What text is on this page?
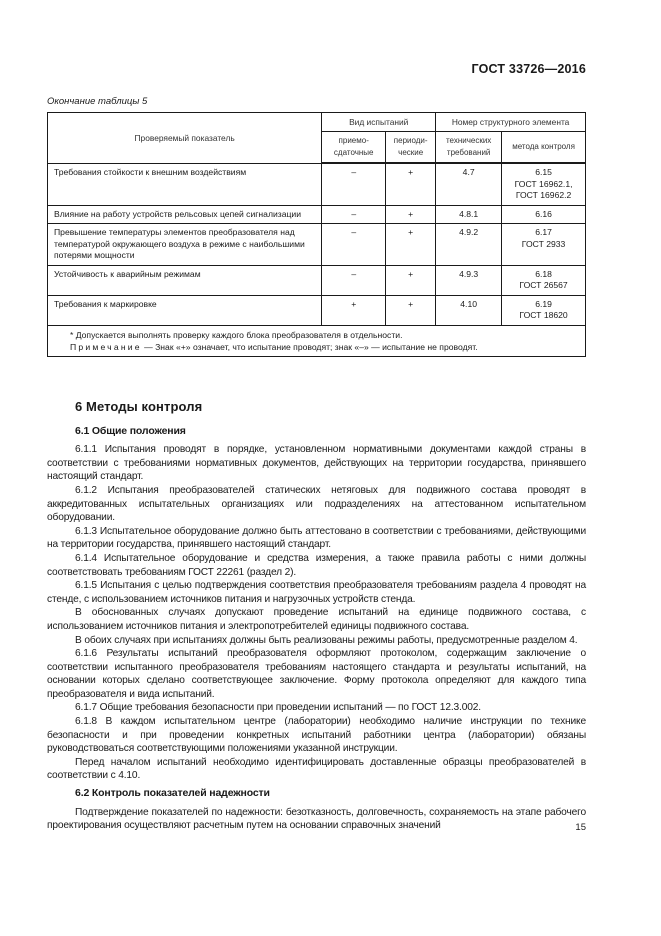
ГОСТ 33726—2016
Окончание таблицы 5
Проверяемый показатель	Вид испытаний		Номер структурного элемента	
	приемо-сдаточные	периоди-ческие	технических требований	метода контроля
Требования стойкости к внешним воздействиям	–	+	4.7	6.15
ГОСТ 16962.1,
ГОСТ 16962.2

Влияние на работу устройств рельсовых цепей сигнализации	–	+	4.8.1	6.16

Превышение температуры элементов преобразователя над температурой окружающего воздуха в режиме с наибольшими потерями мощности	–	+	4.9.2	6.17
ГОСТ 2933

Устойчивость к аварийным режимам	–	+	4.9.3	6.18
ГОСТ 26567

Требования к маркировке	+	+	4.10	6.19
ГОСТ 18620

* Допускается выполнять проверку каждого блока преобразователя в отдельности.
Примечание — Знак «+» означает, что испытание проводят; знак «–» — испытание не проводят.				
6 Методы контроля
6.1 Общие положения

6.1.1 Испытания проводят в порядке, установленном нормативными документами каждой страны в соответствии с требованиями нормативных документов, действующих на территории государства, принявшего настоящий стандарт.

6.1.2 Испытания преобразователей статических нетяговых для подвижного состава проводят в аккредитованных испытательных организациях или подразделениях на аттестованном испытательном оборудовании.

6.1.3 Испытательное оборудование должно быть аттестовано в соответствии с требованиями, действующими на территории государства, принявшего настоящий стандарт.

6.1.4 Испытательное оборудование и средства измерения, а также правила работы с ними должны соответствовать требованиям ГОСТ 22261 (раздел 2).

6.1.5 Испытания с целью подтверждения соответствия преобразователя требованиям раздела 4 проводят на стенде, с использованием источников питания и нагрузочных устройств стенда.

В обоснованных случаях допускают проведение испытаний на единице подвижного состава, с использованием источников питания и электропотребителей единицы подвижного состава.

В обоих случаях при испытаниях должны быть реализованы режимы работы, предусмотренные разделом 4.

6.1.6 Результаты испытаний преобразователя оформляют протоколом, содержащим заключение о соответствии испытанного преобразователя требованиям настоящего стандарта и результаты испытаний, на основании которых сделано соответствующее заключение. Форму протокола определяют для каждого типа преобразователя и вида испытаний.

6.1.7 Общие требования безопасности при проведении испытаний — по ГОСТ 12.3.002.

6.1.8 В каждом испытательном центре (лаборатории) необходимо наличие инструкции по технике безопасности и при проведении конкретных испытаний работники центра (лаборатории) обязаны руководствоваться соответствующими положениями указанной инструкции.

Перед началом испытаний необходимо идентифицировать доставленные образцы преобразователей в соответствии с 4.10.

6.2 Контроль показателей надежности

Подтверждение показателей по надежности: безотказность, долговечность, сохраняемость на этапе рабочего проектирования осуществляют расчетным путем на основании справочных значений	15
